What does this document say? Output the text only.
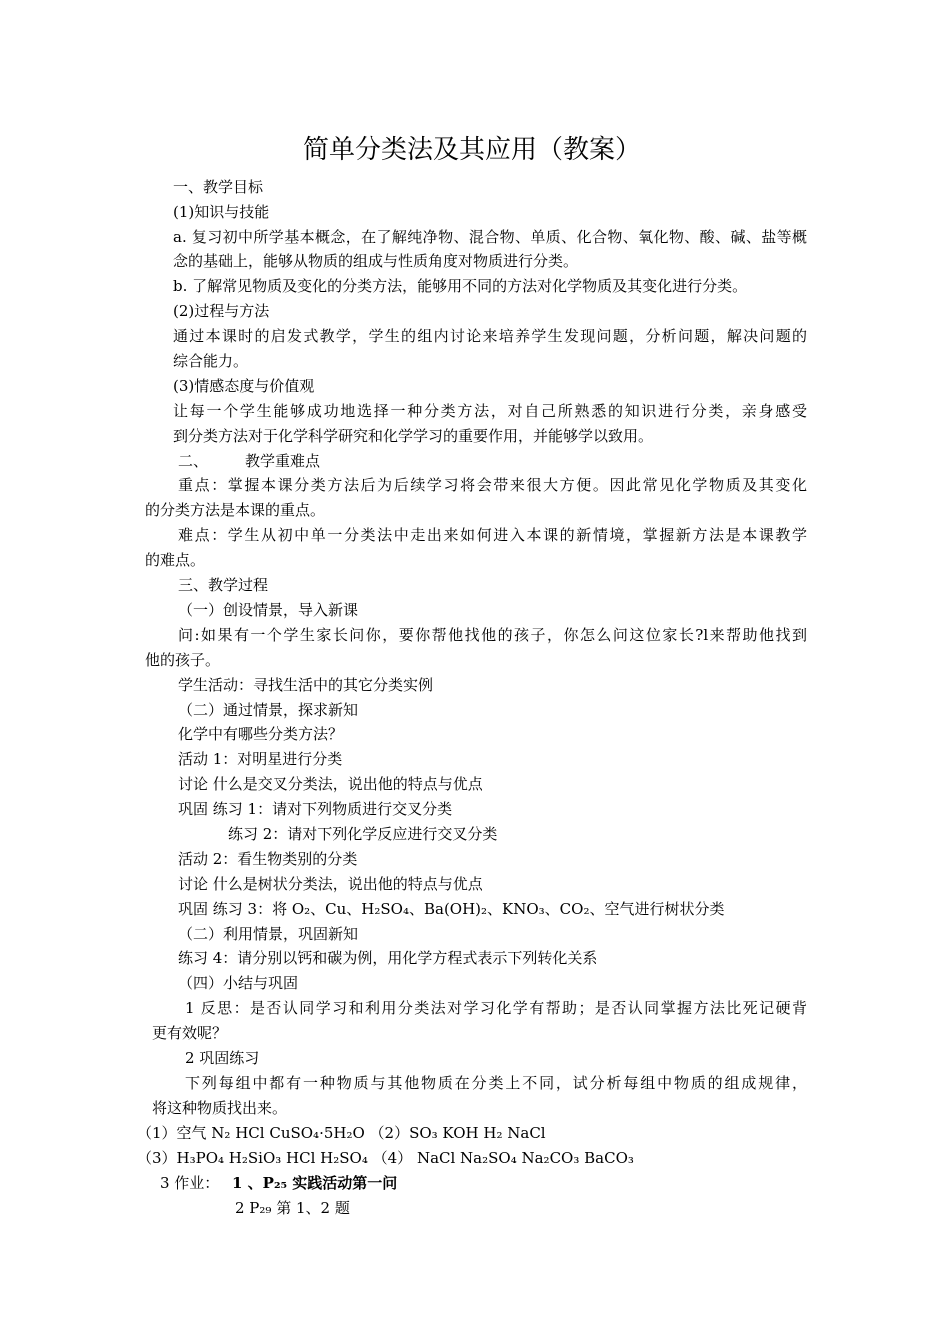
简单分类法及其应用（教案）
一、教学目标
(1)知识与技能
a. 复习初中所学基本概念，在了解纯净物、混合物、单质、化合物、氧化物、酸、碱、盐等概
念的基础上，能够从物质的组成与性质角度对物质进行分类。
b. 了解常见物质及变化的分类方法，能够用不同的方法对化学物质及其变化进行分类。
(2)过程与方法
通过本课时的启发式教学，学生的组内讨论来培养学生发现问题，分析问题，解决问题的
综合能力。
(3)情感态度与价值观
让每一个学生能够成功地选择一种分类方法，对自己所熟悉的知识进行分类，亲身感受
到分类方法对于化学科学研究和化学学习的重要作用，并能够学以致用。
二、 教学重难点
重点：掌握本课分类方法后为后续学习将会带来很大方便。因此常见化学物质及其变化
的分类方法是本课的重点。
难点：学生从初中单一分类法中走出来如何进入本课的新情境，掌握新方法是本课教学
的难点。
三、教学过程
（一）创设情景，导入新课
问:如果有一个学生家长问你，要你帮他找他的孩子，你怎么问这位家长?l来帮助他找到
他的孩子。
学生活动：寻找生活中的其它分类实例
（二）通过情景，探求新知
化学中有哪些分类方法？
活动 1：对明星进行分类
讨论 什么是交叉分类法，说出他的特点与优点
巩固 练习 1：请对下列物质进行交叉分类
练习 2：请对下列化学反应进行交叉分类
活动 2：看生物类别的分类
讨论 什么是树状分类法，说出他的特点与优点
巩固 练习 3：将 O₂、Cu、H₂SO₄、Ba(OH)₂、KNO₃、CO₂、空气进行树状分类
（二）利用情景，巩固新知
练习 4：请分别以钙和碳为例，用化学方程式表示下列转化关系
（四）小结与巩固
1 反思：是否认同学习和利用分类法对学习化学有帮助；是否认同掌握方法比死记硬背
更有效呢？
2 巩固练习
下列每组中都有一种物质与其他物质在分类上不同，试分析每组中物质的组成规律，
将这种物质找出来。
（1）空气 N₂ HCl CuSO₄·5H₂O （2）SO₃ KOH H₂ NaCl
（3）H₃PO₄ H₂SiO₃ HCl H₂SO₄ （4） NaCl Na₂SO₄ Na₂CO₃ BaCO₃
3 作业： 1 、P₂₅ 实践活动第一问
2 P₂₉ 第 1、2 题
